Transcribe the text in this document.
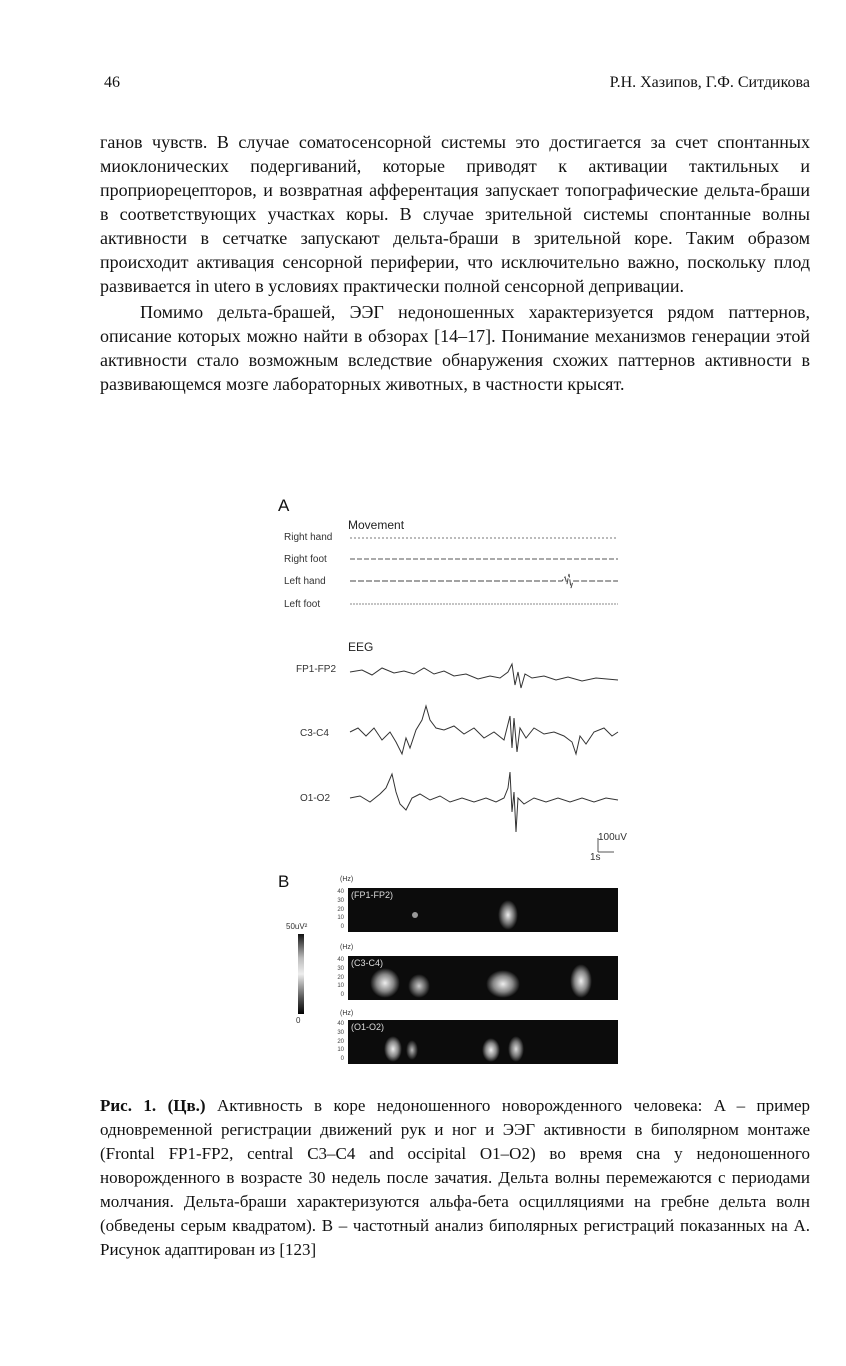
46	Р.Н. Хазипов, Г.Ф. Ситдикова

ганов чувств. В случае соматосенсорной системы это достигается за счет спонтанных миоклонических подергиваний, которые приводят к активации тактильных и проприорецепторов, и возвратная афферентация запускает топографические дельта-браши в соответствующих участках коры. В случае зрительной системы спонтанные волны активности в сетчатке запускают дельта-браши в зрительной коре. Таким образом происходит активация сенсорной периферии, что исключительно важно, поскольку плод развивается in utero в условиях практически полной сенсорной депривации.

Помимо дельта-брашей, ЭЭГ недоношенных характеризуется рядом паттернов, описание которых можно найти в обзорах [14–17]. Понимание механизмов генерации этой активности стало возможным вследствие обнаружения схожих паттернов активности в развивающемся мозге лабораторных животных, в частности крысят.

A
Movement
Right hand
Right foot
Left hand
Left foot
EEG
FP1-FP2
C3-C4
O1-O2
100uV
1s
B
50uV²
0
(Hz)
40
30
20
10
0
(FP1-FP2)
(Hz)
40
30
20
10
0
(C3-C4)
(Hz)
40
30
20
10
0
(O1-O2)
Рис. 1. (Цв.) Активность в коре недоношенного новорожденного человека: A – пример одновременной регистрации движений рук и ног и ЭЭГ активности в биполярном монтаже (Frontal FP1-FP2, central C3–C4 and occipital O1–O2) во время сна у недоношенного новорожденного в возрасте 30 недель после зачатия. Дельта волны перемежаются с периодами молчания. Дельта-браши характеризуются альфа-бета осцилляциями на гребне дельта волн (обведены серым квадратом). B – частотный анализ биполярных регистраций показанных на А. Рисунок адаптирован из [123]
